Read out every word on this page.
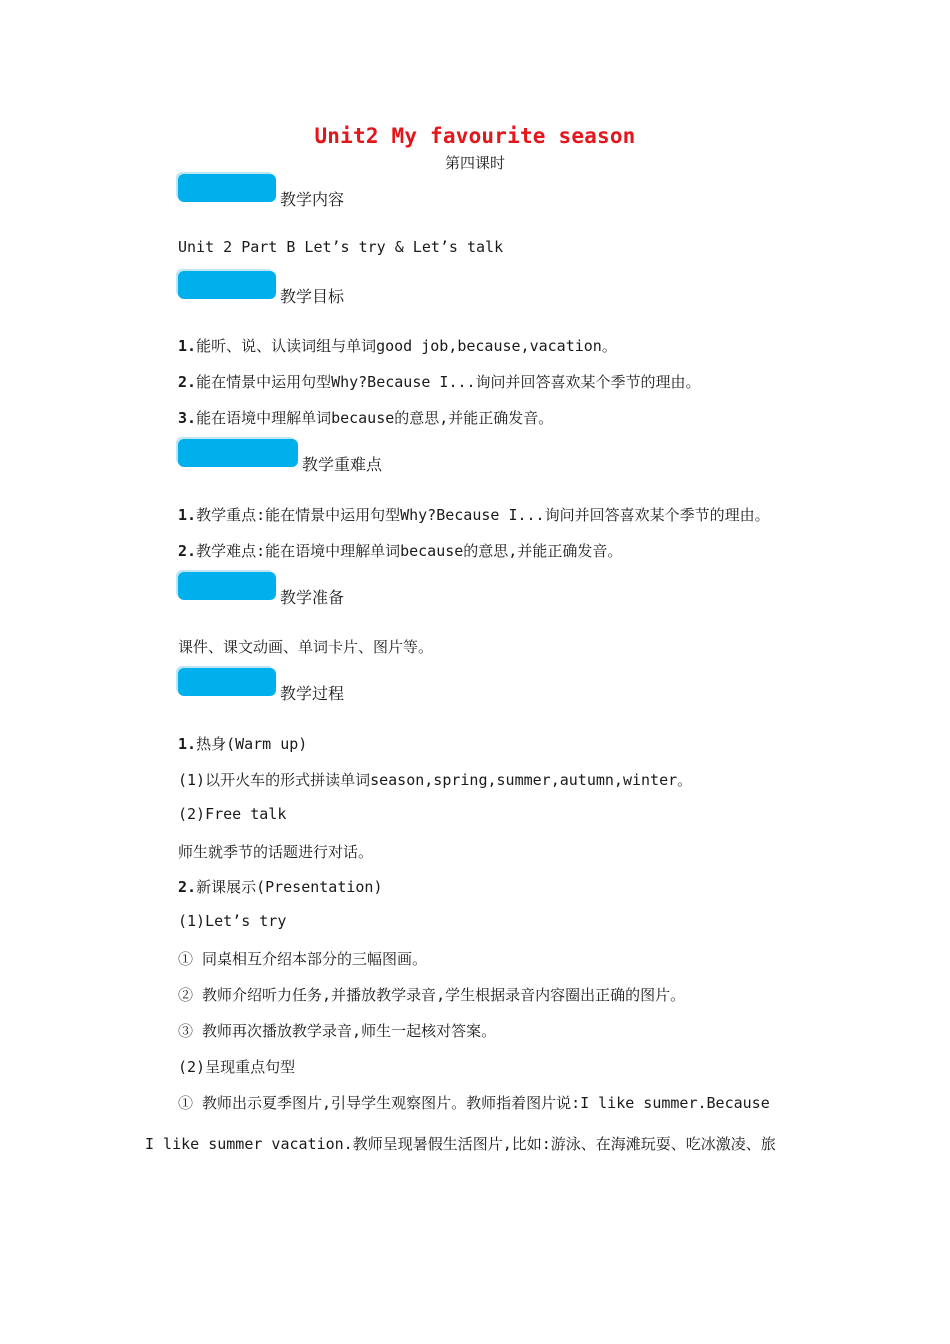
Unit2 My favourite season
第四课时
教学内容
Unit 2 Part B Let’s try & Let’s talk
教学目标
1.能听、说、认读词组与单词good job,because,vacation。
2.能在情景中运用句型Why?Because I...询问并回答喜欢某个季节的理由。
3.能在语境中理解单词because的意思,并能正确发音。
教学重难点
1.教学重点:能在情景中运用句型Why?Because I...询问并回答喜欢某个季节的理由。
2.教学难点:能在语境中理解单词because的意思,并能正确发音。
教学准备
课件、课文动画、单词卡片、图片等。
教学过程
1.热身(Warm up)
(1)以开火车的形式拼读单词season,spring,summer,autumn,winter。
(2)Free talk
师生就季节的话题进行对话。
2.新课展示(Presentation)
(1)Let’s try
① 同桌相互介绍本部分的三幅图画。
② 教师介绍听力任务,并播放教学录音,学生根据录音内容圈出正确的图片。
③ 教师再次播放教学录音,师生一起核对答案。
(2)呈现重点句型
① 教师出示夏季图片,引导学生观察图片。教师指着图片说:I like summer.Because
I like summer vacation.教师呈现暑假生活图片,比如:游泳、在海滩玩耍、吃冰激凌、旅
